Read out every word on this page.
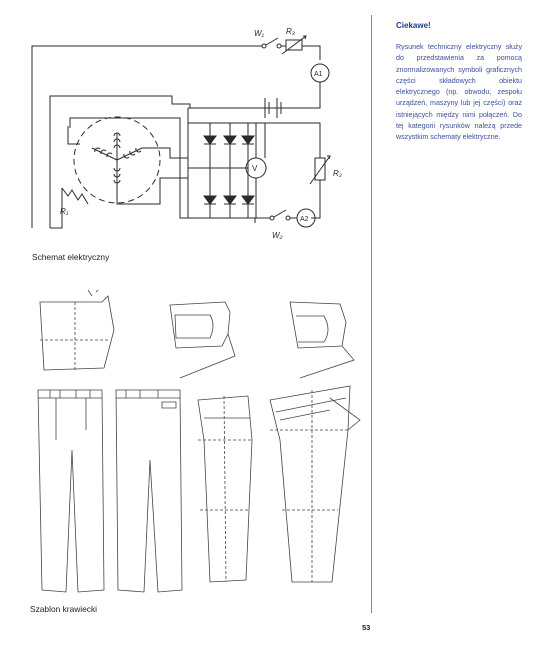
W₁	R₃
A1
V
R₂
R₁
W₂
A2
Schemat elektryczny
Szablon krawiecki
Ciekawe!

Rysunek techniczny elektryczny służy do przedstawienia za pomocą znormalizowanych symboli graficznych części składowych obiektu elektrycznego (np. obwodu, zespołu urządzeń, maszyny lub jej części) oraz istniejących między nimi połączeń. Do tej kategorii rysunków należą przede wszystkim schematy elektryczne.

53
